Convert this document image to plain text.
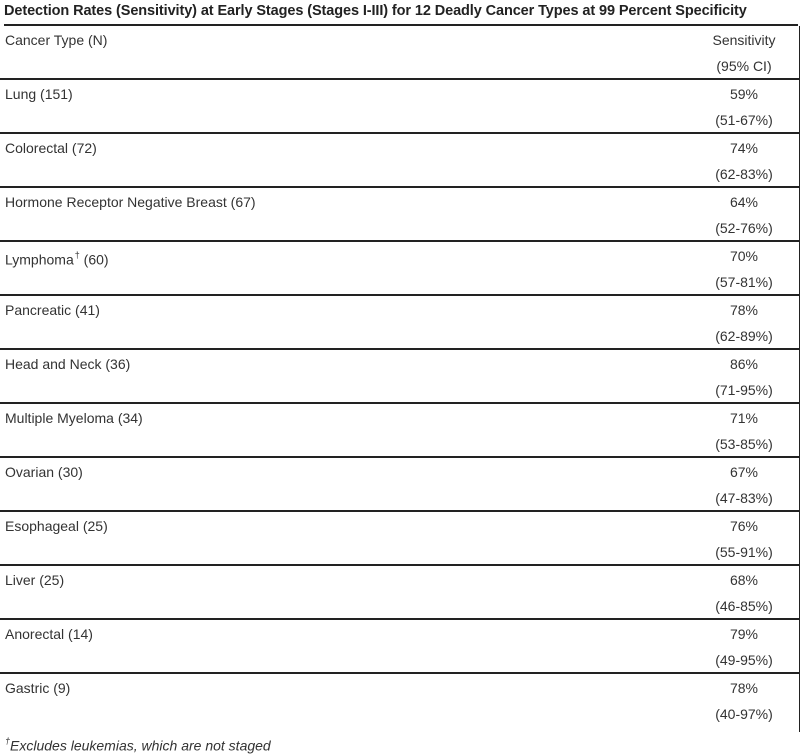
Detection Rates (Sensitivity) at Early Stages (Stages I-III) for 12 Deadly Cancer Types at 99 Percent Specificity
Cancer Type (N)	Sensitivity
(95% CI)
Lung (151)	59%
(51-67%)
Colorectal (72)	74%
(62-83%)
Hormone Receptor Negative Breast (67)	64%
(52-76%)
Lymphoma† (60)	70%
(57-81%)
Pancreatic (41)	78%
(62-89%)
Head and Neck (36)	86%
(71-95%)
Multiple Myeloma (34)	71%
(53-85%)
Ovarian (30)	67%
(47-83%)
Esophageal (25)	76%
(55-91%)
Liver (25)	68%
(46-85%)
Anorectal (14)	79%
(49-95%)
Gastric (9)	78%
(40-97%)
†Excludes leukemias, which are not staged
